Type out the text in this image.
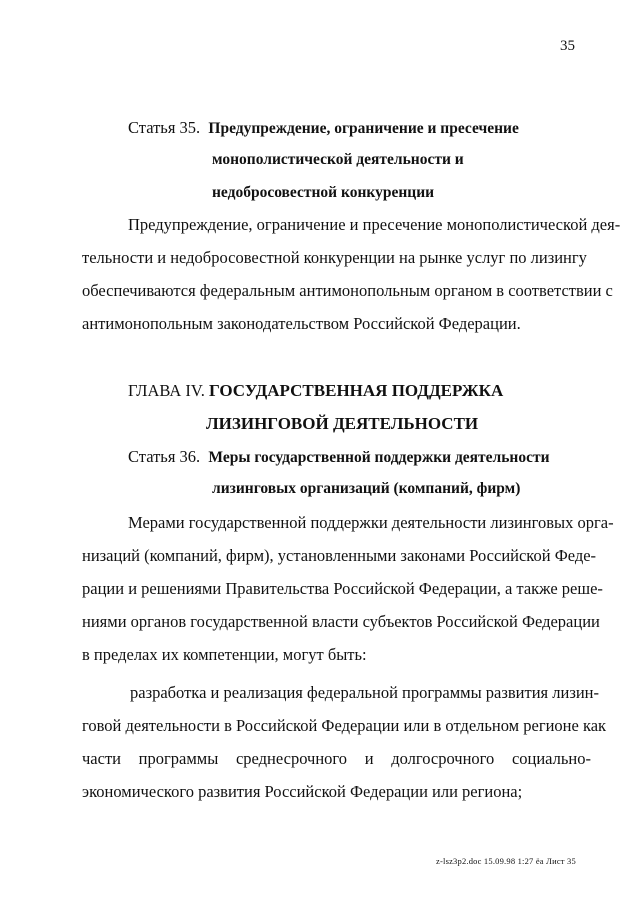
35
Статья 35. Предупреждение, ограничение и пресечение
монополистической деятельности и
недобросовестной конкуренции
Предупреждение, ограничение и пресечение монополистической дея-
тельности и недобросовестной конкуренции на рынке услуг по лизингу
обеспечиваются федеральным антимонопольным органом в соответствии с
антимонопольным законодательством Российской Федерации.
ГЛАВА IV. ГОСУДАРСТВЕННАЯ ПОДДЕРЖКА
ЛИЗИНГОВОЙ ДЕЯТЕЛЬНОСТИ
Статья 36. Меры государственной поддержки деятельности
лизинговых организаций (компаний, фирм)
Мерами государственной поддержки деятельности лизинговых орга-
низаций (компаний, фирм), установленными законами Российской Феде-
рации и решениями Правительства Российской Федерации, а также реше-
ниями органов государственной власти субъектов Российской Федерации
в пределах их компетенции, могут быть:
разработка и реализация федеральной программы развития лизин-
говой деятельности в Российской Федерации или в отдельном регионе как
части программы среднесрочного и долгосрочного социально-
экономического развития Российской Федерации или региона;
z-lsz3p2.doc 15.09.98 1:27 ёа Лист 35
